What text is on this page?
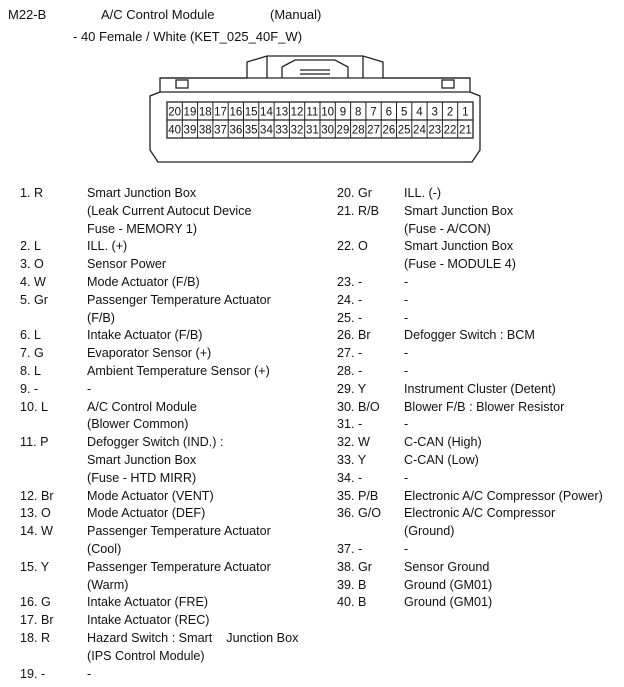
M22-B	A/C Control Module	(Manual)
- 40 Female / White (KET_025_40F_W)
20 19 18 17 16 15 14 13 12 11 10 9 8 7 6 5 4 3 2 1
40 39 38 37 36 35 34 33 32 31 30 29 28 27 26 25 24 23 22 21
1. R	Smart Junction Box
(Leak Current Autocut Device
Fuse - MEMORY 1)
2. L	ILL. (+)
3. O	Sensor Power
4. W	Mode Actuator (F/B)
5. Gr	Passenger Temperature Actuator
(F/B)
6. L	Intake Actuator (F/B)
7. G	Evaporator Sensor (+)
8. L	Ambient Temperature Sensor (+)
9. -	-
10. L	A/C Control Module
(Blower Common)
11. P	Defogger Switch (IND.) :
Smart Junction Box
(Fuse - HTD MIRR)
12. Br	Mode Actuator (VENT)
13. O	Mode Actuator (DEF)
14. W	Passenger Temperature Actuator
(Cool)
15. Y	Passenger Temperature Actuator
(Warm)
16. G	Intake Actuator (FRE)
17. Br	Intake Actuator (REC)
18. R	Hazard Switch : Smart    Junction Box
(IPS Control Module)
19. -	-
20. Gr	ILL. (-)
21. R/B Smart Junction Box
(Fuse - A/CON)
22. O	Smart Junction Box
(Fuse - MODULE 4)
23. -	-
24. -	-
25. -	-
26. Br	Defogger Switch : BCM
27. -	-
28. -	-
29. Y	Instrument Cluster (Detent)
30. B/O Blower F/B : Blower Resistor
31. -	-
32. W	C-CAN (High)
33. Y	C-CAN (Low)
34. -	-
35. P/B Electronic A/C Compressor (Power)
36. G/O Electronic A/C Compressor
(Ground)
37. -	-
38. Gr	Sensor Ground
39. B	Ground (GM01)
40. B	Ground (GM01)
